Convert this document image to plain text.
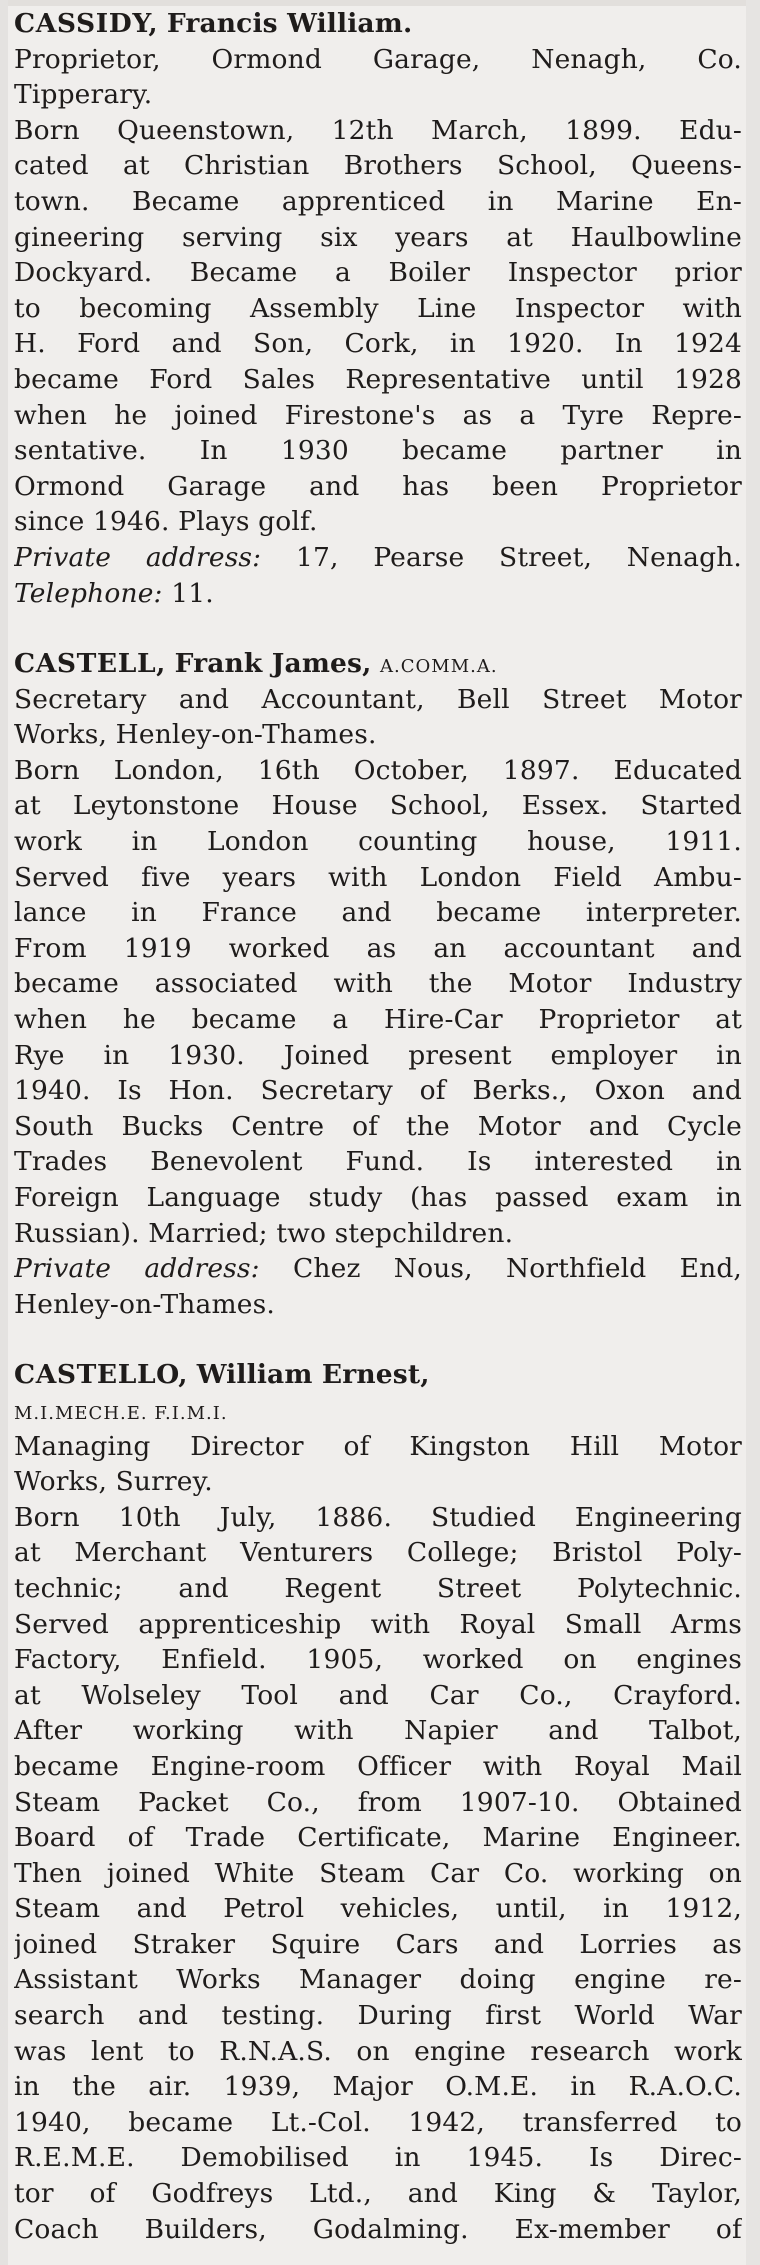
CASSIDY, Francis William.
Proprietor, Ormond Garage, Nenagh, Co.
Tipperary.
Born Queenstown, 12th March, 1899. Edu-
cated at Christian Brothers School, Queens-
town. Became apprenticed in Marine En-
gineering serving six years at Haulbowline
Dockyard. Became a Boiler Inspector prior
to becoming Assembly Line Inspector with
H. Ford and Son, Cork, in 1920. In 1924
became Ford Sales Representative until 1928
when he joined Firestone's as a Tyre Repre-
sentative. In 1930 became partner in
Ormond Garage and has been Proprietor
since 1946. Plays golf.
Private address: 17, Pearse Street, Nenagh.
Telephone: 11.
CASTELL, Frank James, A.COMM.A.
Secretary and Accountant, Bell Street Motor
Works, Henley-on-Thames.
Born London, 16th October, 1897. Educated
at Leytonstone House School, Essex. Started
work in London counting house, 1911.
Served five years with London Field Ambu-
lance in France and became interpreter.
From 1919 worked as an accountant and
became associated with the Motor Industry
when he became a Hire-Car Proprietor at
Rye in 1930. Joined present employer in
1940. Is Hon. Secretary of Berks., Oxon and
South Bucks Centre of the Motor and Cycle
Trades Benevolent Fund. Is interested in
Foreign Language study (has passed exam in
Russian). Married; two stepchildren.
Private address: Chez Nous, Northfield End,
Henley-on-Thames.
CASTELLO, William Ernest,
M.I.MECH.E. F.I.M.I.
Managing Director of Kingston Hill Motor
Works, Surrey.
Born 10th July, 1886. Studied Engineering
at Merchant Venturers College; Bristol Poly-
technic; and Regent Street Polytechnic.
Served apprenticeship with Royal Small Arms
Factory, Enfield. 1905, worked on engines
at Wolseley Tool and Car Co., Crayford.
After working with Napier and Talbot,
became Engine-room Officer with Royal Mail
Steam Packet Co., from 1907-10. Obtained
Board of Trade Certificate, Marine Engineer.
Then joined White Steam Car Co. working on
Steam and Petrol vehicles, until, in 1912,
joined Straker Squire Cars and Lorries as
Assistant Works Manager doing engine re-
search and testing. During first World War
was lent to R.N.A.S. on engine research work
in the air. 1939, Major O.M.E. in R.A.O.C.
1940, became Lt.-Col. 1942, transferred to
R.E.M.E. Demobilised in 1945. Is Direc-
tor of Godfreys Ltd., and King & Taylor,
Coach Builders, Godalming. Ex-member of
